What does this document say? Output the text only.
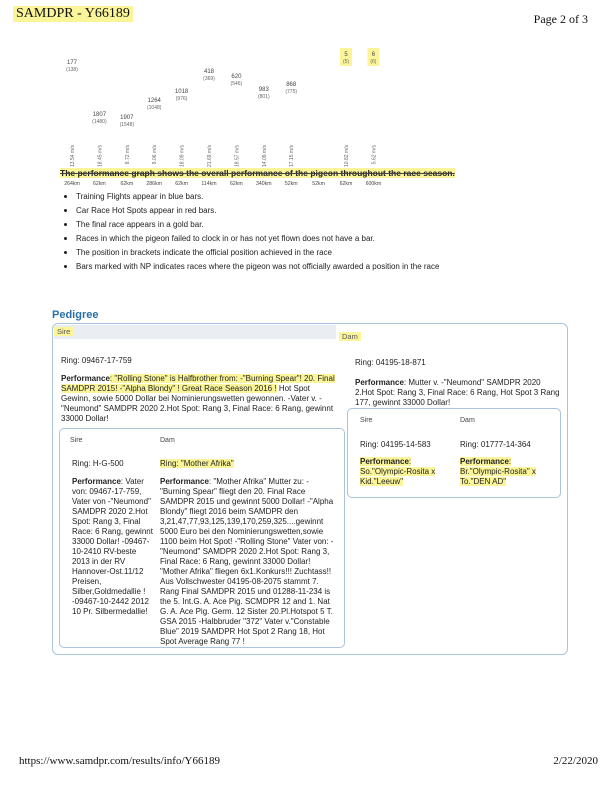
SAMDPR - Y66189	Page 2 of 3
177
(138)
13.54 m/s
264km
1807
(1480)
18.45 m/s
62km
1907
(1548)
8.72 m/s
62km
1264
(1048)
9.06 m/s
286km
1018
(976)
18.09 m/s
62km
418
(369)
21.69 m/s
114km
620
(546)
18.57 m/s
62km
983
(801)
14.09 m/s
340km
868
(775)
17.15 m/s
52km	52km
5
(5)
10.82 m/s
62km
6
(6)
5.62 m/s
600km
The performance graph shows the overall performance of the pigeon throughout the race season.
Training Flights appear in blue bars.
Car Race Hot Spots appear in red bars.
The final race appears in a gold bar.
Races in which the pigeon failed to clock in or has not yet flown does not have a bar.
The position in brackets indicate the official position achieved in the race
Bars marked with NP indicates races where the pigeon was not officially awarded a position in the race
Pedigree
Sire
Dam
Ring: 09467-17-759
Performance: "Rolling Stone" is Halfbrother from: -"Burning Spear"! 20. Final SAMDPR 2015! -"Alpha Blondy" ! Great Race Season 2016 ! Hot Spot Gewinn, sowie 5000 Dollar bei Nominierungswetten gewonnen. -Vater v. -"Neumond" SAMDPR 2020 2.Hot Spot: Rang 3, Final Race: 6 Rang, gewinnt 33000 Dollar!
Ring: 04195-18-871
Performance: Mutter v. -"Neumond" SAMDPR 2020 2.Hot Spot: Rang 3, Final Race: 6 Rang, Hot Spot 3 Rang 177, gewinnt 33000 Dollar!
Sire	Dam
Ring: H-G-500
Performance: Vater von: 09467-17-759, Vater von -"Neumond" SAMDPR 2020 2.Hot Spot: Rang 3, Final Race: 6 Rang, gewinnt 33000 Dollar! -09467-10-2410 RV-beste 2013 in der RV Hannover-Ost.11/12 Preisen, Silber,Goldmedallie ! -09467-10-2442 2012 10 Pr. Silbermedallie!
Ring: "Mother Afrika"
Performance: "Mother Afrika" Mutter zu: -"Burning Spear" fliegt den 20. Final Race SAMDPR 2015 und gewinnt 5000 Dollar! -"Alpha Blondy" fliegt 2016 beim SAMDPR den 3,21,47,77,93,125,139,170,259,325....gewinnt 5000 Euro bei den Nominierungswetten,sowie 1100 beim Hot Spot! -"Rolling Stone" Vater von: -"Neumond" SAMDPR 2020 2.Hot Spot: Rang 3, Final Race: 6 Rang, gewinnt 33000 Dollar! "Mother Afrika" fliegen 6x1.Konkurs!!! Zuchtass!! Aus Vollschwester 04195-08-2075 stammt 7. Rang Final SAMDPR 2015 und 01288-11-234 is the 5. Int.G. A. Ace Pig. SCMDPR 12 and 1. Nat G. A. Ace Pig. Germ. 12 Sister 20.Pl.Hotspot 5 T. GSA 2015 -Halbbruder "372" Vater v."Constable Blue" 2019 SAMDPR Hot Spot 2 Rang 18, Hot Spot Average Rang 77 !
Sire	Dam
Ring: 04195-14-583
Performance: So."Olympic-Rosita x Kid."Leeuw"
Ring: 01777-14-364
Performance: Br."Olympic-Rosita" x To."DEN AD"
https://www.samdpr.com/results/info/Y66189	2/22/2020
